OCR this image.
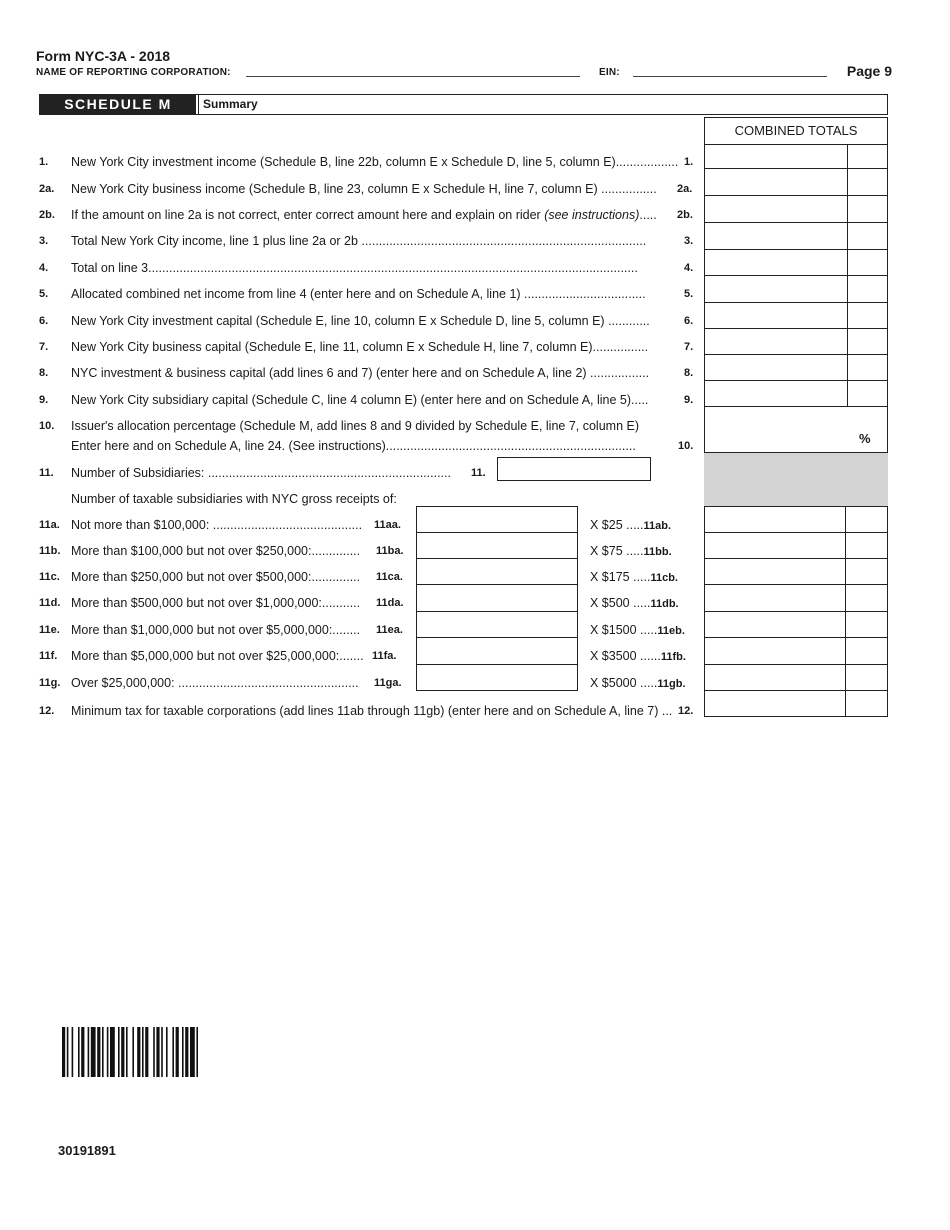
Form NYC-3A - 2018
NAME OF REPORTING CORPORATION:	EIN:	Page 9
SCHEDULE M	Summary
COMBINED TOTALS
%
1. New York City investment income (Schedule B, line 22b, column E x Schedule D, line 5, column E).................. 1.
2a. New York City business income (Schedule B, line 23, column E x Schedule H, line 7, column E) ................ 2a.
2b. If the amount on line 2a is not correct, enter correct amount here and explain on rider (see instructions)..... 2b.
3. Total New York City income, line 1 plus line 2a or 2b ..................................................................................	3.
4. Total on line 3.............................................................................................................................................	4.
5. Allocated combined net income from line 4 (enter here and on Schedule A, line 1) ...................................	5.
6. New York City investment capital (Schedule E, line 10, column E x Schedule D, line 5, column E) ............	6.
7. New York City business capital (Schedule E, line 11, column E x Schedule H, line 7, column E)................	7.
8. NYC investment & business capital (add lines 6 and 7) (enter here and on Schedule A, line 2) .................	8.
9. New York City subsidiary capital (Schedule C, line 4 column E) (enter here and on Schedule A, line 5).....	9.
10. Issuer's allocation percentage (Schedule M, add lines 8 and 9 divided by Schedule E, line 7, column E)
Enter here and on Schedule A, line 24. (See instructions)........................................................................	10.
11. Number of Subsidiaries: ...................................................................... 11.
Number of taxable subsidiaries with NYC gross receipts of:
11a. Not more than $100,000: ........................................... 11aa.	X $25 .....11ab.
11b. More than $100,000 but not over $250,000:.............. 11ba.	X $75 .....11bb.
11c. More than $250,000 but not over $500,000:.............. 11ca.	X $175 .....11cb.
11d. More than $500,000 but not over $1,000,000:........... 11da.	X $500 .....11db.
11e. More than $1,000,000 but not over $5,000,000:........ 11ea.	X $1500 .....11eb.
11f. More than $5,000,000 but not over $25,000,000:....... 11fa.	X $3500 ......11fb.
11g. Over $25,000,000: .................................................... 11ga.	X $5000 .....11gb.
12. Minimum tax for taxable corporations (add lines 11ab through 11gb) (enter here and on Schedule A, line 7) ... 12.
30191891
